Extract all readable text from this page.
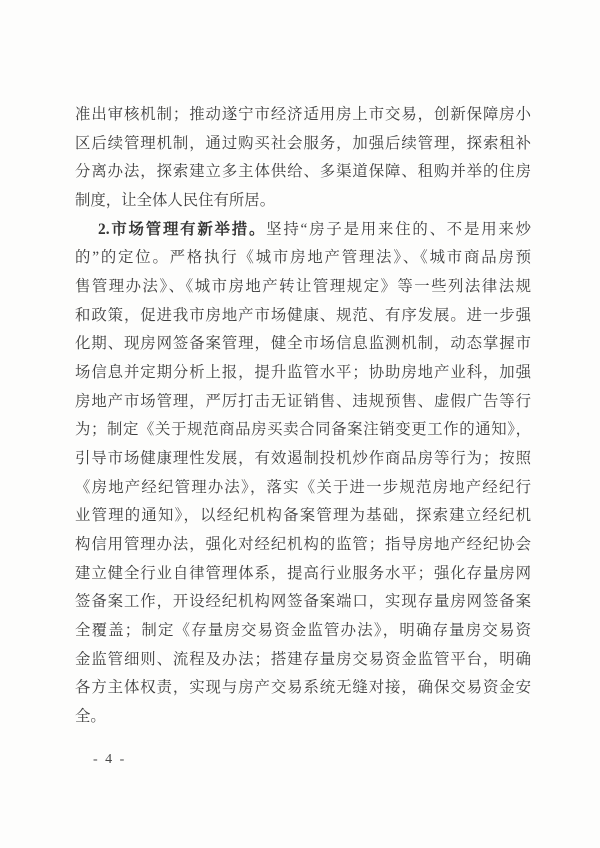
准出审核机制；推动遂宁市经济适用房上市交易，创新保障房小
区后续管理机制，通过购买社会服务，加强后续管理，探索租补
分离办法，探索建立多主体供给、多渠道保障、租购并举的住房
制度，让全体人民住有所居。
2.市场管理有新举措。坚持“房子是用来住的、不是用来炒
的”的定位。严格执行《城市房地产管理法》、《城市商品房预
售管理办法》、《城市房地产转让管理规定》等一些列法律法规
和政策，促进我市房地产市场健康、规范、有序发展。进一步强
化期、现房网签备案管理，健全市场信息监测机制，动态掌握市
场信息并定期分析上报，提升监管水平；协助房地产业科，加强
房地产市场管理，严厉打击无证销售、违规预售、虚假广告等行
为；制定《关于规范商品房买卖合同备案注销变更工作的通知》，
引导市场健康理性发展，有效遏制投机炒作商品房等行为；按照
《房地产经纪管理办法》，落实《关于进一步规范房地产经纪行
业管理的通知》，以经纪机构备案管理为基础，探索建立经纪机
构信用管理办法，强化对经纪机构的监管；指导房地产经纪协会
建立健全行业自律管理体系，提高行业服务水平；强化存量房网
签备案工作，开设经纪机构网签备案端口，实现存量房网签备案
全覆盖；制定《存量房交易资金监管办法》，明确存量房交易资
金监管细则、流程及办法；搭建存量房交易资金监管平台，明确
各方主体权责，实现与房产交易系统无缝对接，确保交易资金安
全。
- 4 -
